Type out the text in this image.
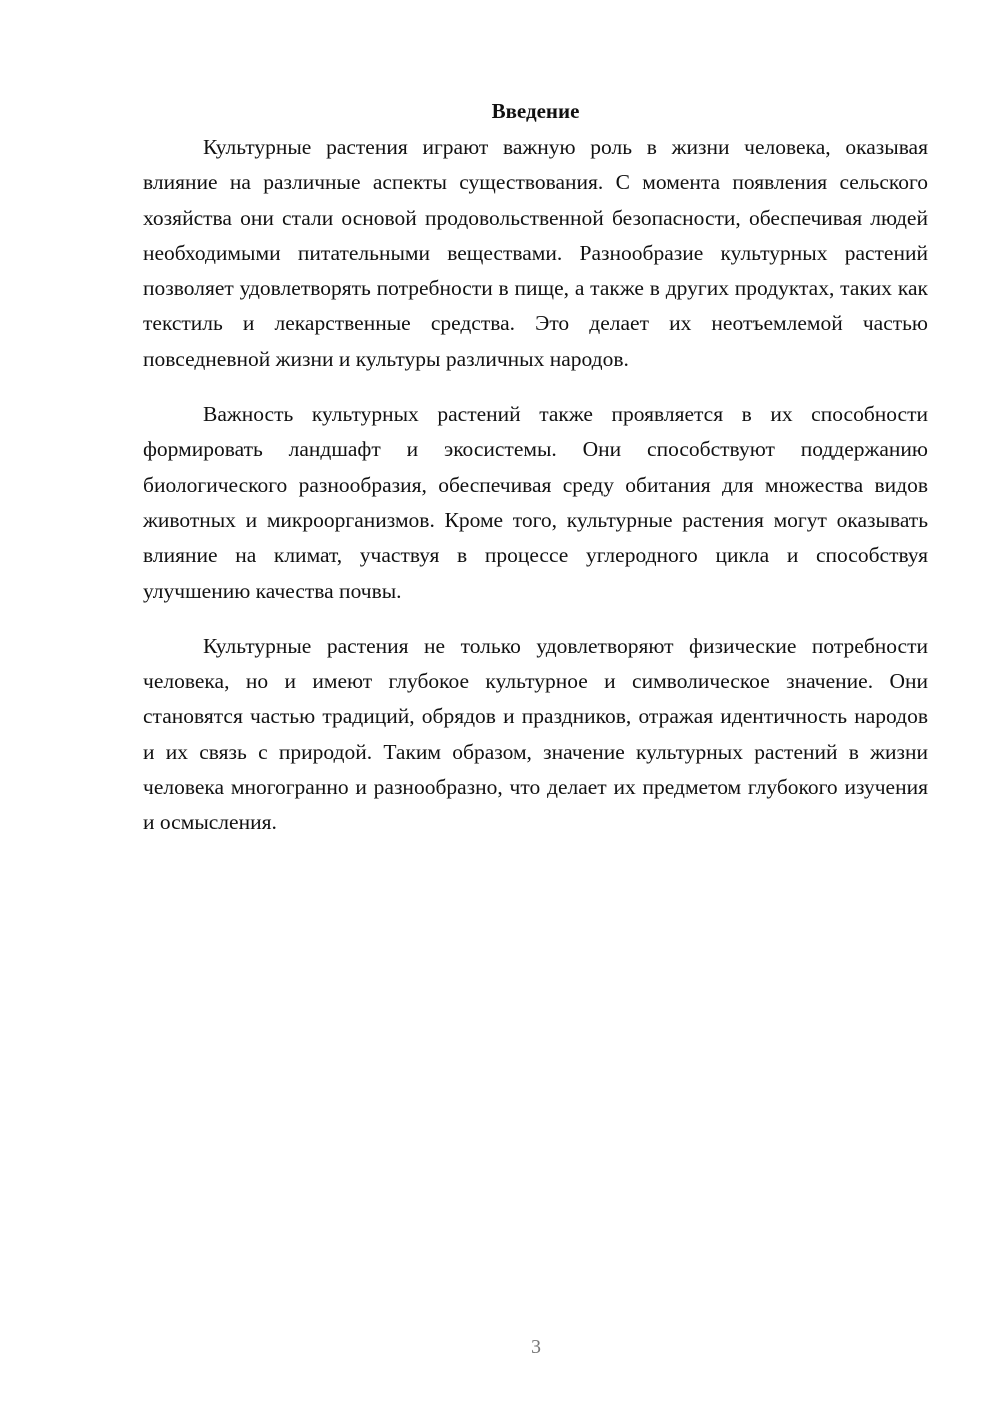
Введение

Культурные растения играют важную роль в жизни человека, оказывая влияние на различные аспекты существования. С момента появления сельского хозяйства они стали основой продовольственной безопасности, обеспечивая людей необходимыми питательными веществами. Разнообразие культурных растений позволяет удовлетворять потребности в пище, а также в других продуктах, таких как текстиль и лекарственные средства. Это делает их неотъемлемой частью повседневной жизни и культуры различных народов.

Важность культурных растений также проявляется в их способности формировать ландшафт и экосистемы. Они способствуют поддержанию биологического разнообразия, обеспечивая среду обитания для множества видов животных и микроорганизмов. Кроме того, культурные растения могут оказывать влияние на климат, участвуя в процессе углеродного цикла и способствуя улучшению качества почвы.

Культурные растения не только удовлетворяют физические потребности человека, но и имеют глубокое культурное и символическое значение. Они становятся частью традиций, обрядов и праздников, отражая идентичность народов и их связь с природой. Таким образом, значение культурных растений в жизни человека многогранно и разнообразно, что делает их предметом глубокого изучения и осмысления.

3
